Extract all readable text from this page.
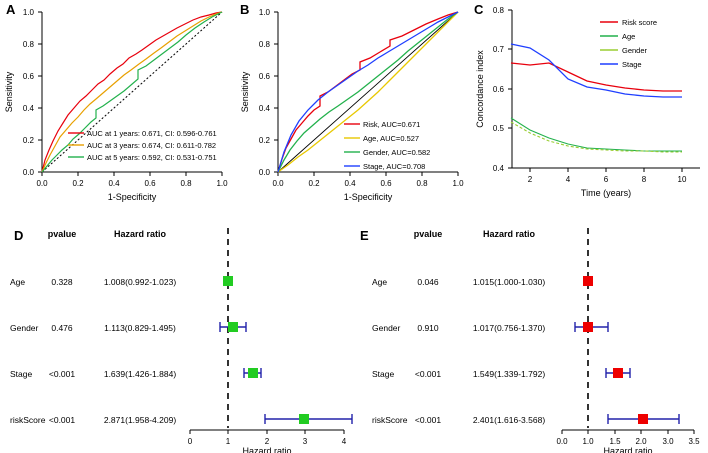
A	B	C
D	E
0.0	0.2	0.4	0.6	0.8	1.0
0.0
0.2
0.4
0.6
0.8
1.0
1-Specificity
Sensitivity
AUC at 1 years: 0.671, CI: 0.596-0.761
AUC at 3 years: 0.674, CI: 0.611-0.782
AUC at 5 years: 0.592, CI: 0.531-0.751
0.0	0.2	0.4	0.6	0.8	1.0
0.0
0.2
0.4
0.6
0.8
1.0
1-Specificity
Sensitivity
Risk, AUC=0.671
Age, AUC=0.527
Gender, AUC=0.582
Stage, AUC=0.708
2	4	6	8	10
0.4
0.5
0.6
0.7
0.8
Time (years)
Concordance index
Risk score
Age
Gender
Stage
pvalue	Hazard ratio
Age	0.328	1.008(0.992-1.023)
Gender 0.476	1.113(0.829-1.495)
Stage <0.001	1.639(1.426-1.884)
riskScore <0.001	2.871(1.958-4.209)
0	1	2	3	4
Hazard ratio
pvalue	Hazard ratio
Age	0.046	1.015(1.000-1.030)
Gender 0.910	1.017(0.756-1.370)
Stage <0.001	1.549(1.339-1.792)
riskScore <0.001	2.401(1.616-3.568)
0.0 1.0 1.5 2.0 3.0 3.5
Hazard ratio
